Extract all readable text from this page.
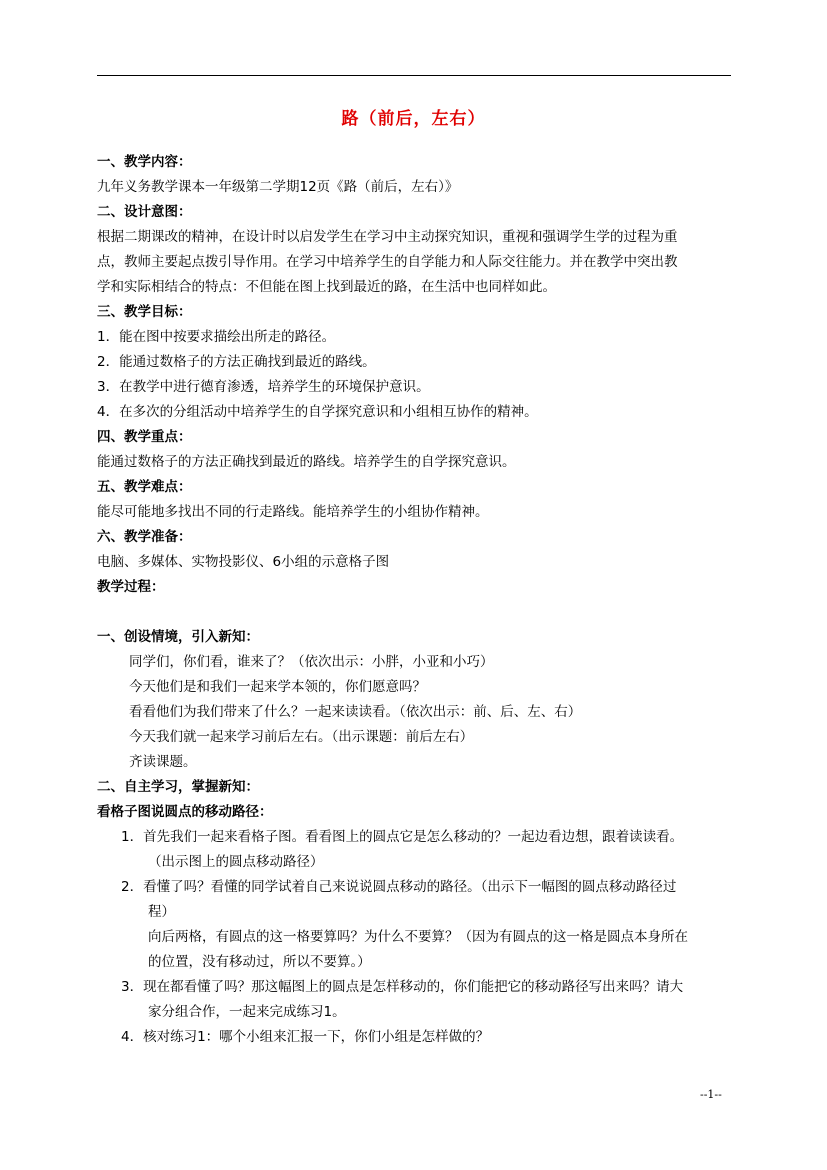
路（前后，左右）
一、教学内容：
九年义务教学课本一年级第二学期12页《路（前后，左右）》
二、设计意图：
根据二期课改的精神，在设计时以启发学生在学习中主动探究知识，重视和强调学生学的过程为重
点，教师主要起点拨引导作用。在学习中培养学生的自学能力和人际交往能力。并在教学中突出教
学和实际相结合的特点：不但能在图上找到最近的路，在生活中也同样如此。
三、教学目标：
1．能在图中按要求描绘出所走的路径。
2．能通过数格子的方法正确找到最近的路线。
3．在教学中进行德育渗透，培养学生的环境保护意识。
4．在多次的分组活动中培养学生的自学探究意识和小组相互协作的精神。
四、教学重点：
能通过数格子的方法正确找到最近的路线。培养学生的自学探究意识。
五、教学难点：
能尽可能地多找出不同的行走路线。能培养学生的小组协作精神。
六、教学准备：
电脑、多媒体、实物投影仪、6小组的示意格子图
教学过程：
一、创设情境，引入新知：
同学们，你们看，谁来了？（依次出示：小胖，小亚和小巧）
今天他们是和我们一起来学本领的，你们愿意吗？
看看他们为我们带来了什么？一起来读读看。（依次出示：前、后、左、右）
今天我们就一起来学习前后左右。（出示课题：前后左右）
齐读课题。
二、自主学习，掌握新知：
看格子图说圆点的移动路径：
1．首先我们一起来看格子图。看看图上的圆点它是怎么移动的？一起边看边想，跟着读读看。
（出示图上的圆点移动路径）
2．看懂了吗？看懂的同学试着自己来说说圆点移动的路径。（出示下一幅图的圆点移动路径过
程）
向后两格，有圆点的这一格要算吗？为什么不要算？（因为有圆点的这一格是圆点本身所在
的位置，没有移动过，所以不要算。）
3．现在都看懂了吗？那这幅图上的圆点是怎样移动的，你们能把它的移动路径写出来吗？请大
家分组合作，一起来完成练习1。
4．核对练习1：哪个小组来汇报一下，你们小组是怎样做的？
--1--
